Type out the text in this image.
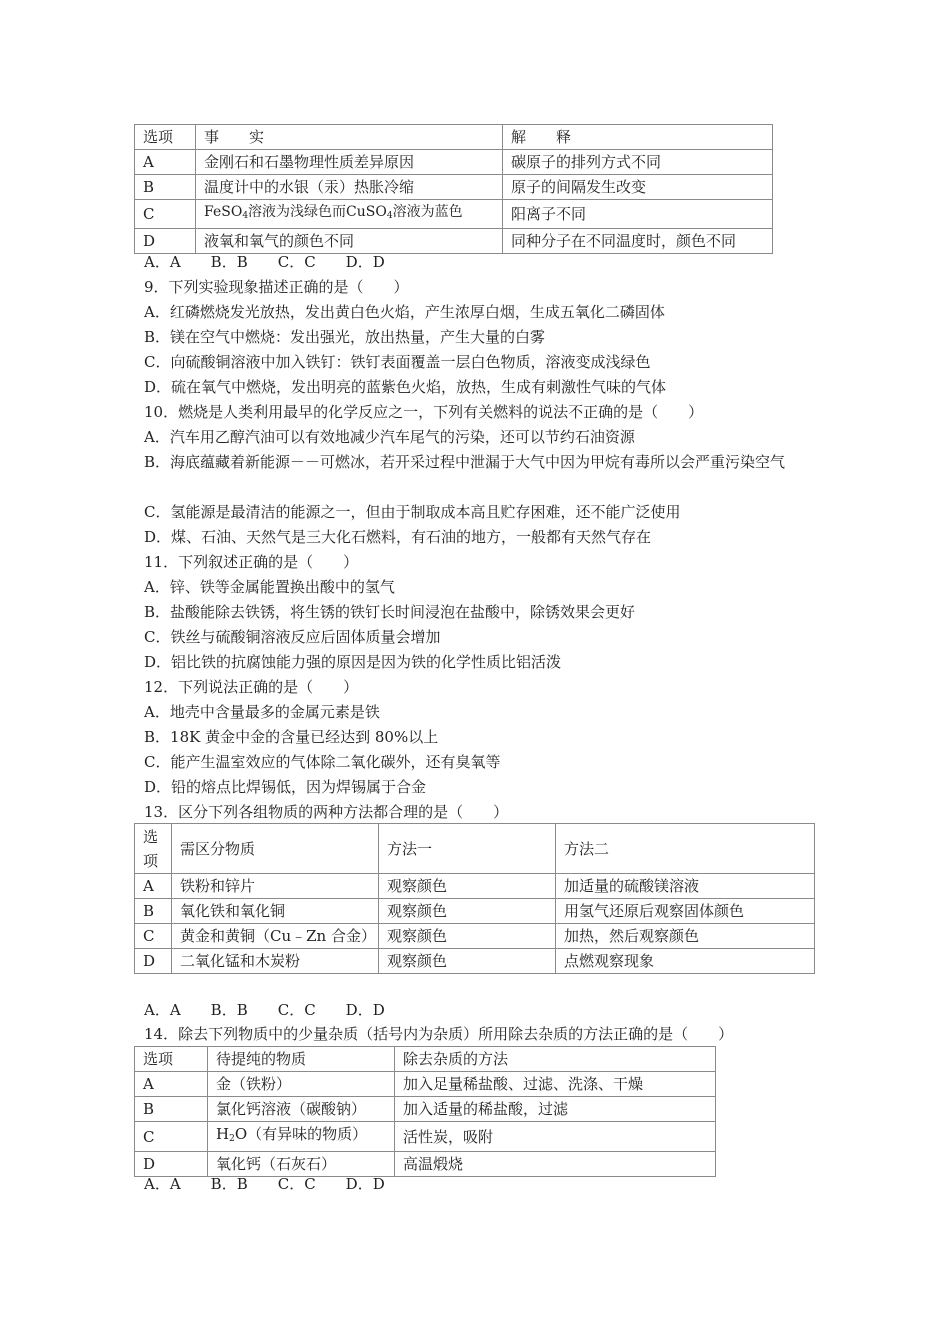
选项	事　　实	解　　释
A	金刚石和石墨物理性质差异原因	碳原子的排列方式不同
B	温度计中的水银（汞）热胀冷缩	原子的间隔发生改变
C	FeSO$_4$溶液为浅绿色而CuSO$_4$溶液为蓝色	阳离子不同
D	液氧和氧气的颜色不同	同种分子在不同温度时，颜色不同
A．A　　B．B　　C．C　　D．D
9．下列实验现象描述正确的是（　　）
A．红磷燃烧发光放热，发出黄白色火焰，产生浓厚白烟，生成五氧化二磷固体
B．镁在空气中燃烧：发出强光，放出热量，产生大量的白雾
C．向硫酸铜溶液中加入铁钉：铁钉表面覆盖一层白色物质，溶液变成浅绿色
D．硫在氧气中燃烧，发出明亮的蓝紫色火焰，放热，生成有刺激性气味的气体
10．燃烧是人类利用最早的化学反应之一，下列有关燃料的说法不正确的是（　　）
A．汽车用乙醇汽油可以有效地减少汽车尾气的污染，还可以节约石油资源
B．海底蕴藏着新能源－－可燃冰，若开采过程中泄漏于大气中因为甲烷有毒所以会严重污染空气
C．氢能源是最清洁的能源之一，但由于制取成本高且贮存困难，还不能广泛使用
D．煤、石油、天然气是三大化石燃料，有石油的地方，一般都有天然气存在
11．下列叙述正确的是（　　）
A．锌、铁等金属能置换出酸中的氢气
B．盐酸能除去铁锈，将生锈的铁钉长时间浸泡在盐酸中，除锈效果会更好
C．铁丝与硫酸铜溶液反应后固体质量会增加
D．铝比铁的抗腐蚀能力强的原因是因为铁的化学性质比铝活泼
12．下列说法正确的是（　　）
A．地壳中含量最多的金属元素是铁
B．18K 黄金中金的含量已经达到 80%以上
C．能产生温室效应的气体除二氧化碳外，还有臭氧等
D．铅的熔点比焊锡低，因为焊锡属于合金
13．区分下列各组物质的两种方法都合理的是（　　）
选项	需区分物质	方法一	方法二
A	铁粉和锌片	观察颜色	加适量的硫酸镁溶液
B	氧化铁和氧化铜	观察颜色	用氢气还原后观察固体颜色
C	黄金和黄铜（Cu﹣Zn 合金）	观察颜色	加热，然后观察颜色
D	二氧化锰和木炭粉	观察颜色	点燃观察现象
A．A　　B．B　　C．C　　D．D
14．除去下列物质中的少量杂质（括号内为杂质）所用除去杂质的方法正确的是（　　）
选项	待提纯的物质	除去杂质的方法
A	金（铁粉）	加入足量稀盐酸、过滤、洗涤、干燥
B	氯化钙溶液（碳酸钠）	加入适量的稀盐酸，过滤
C	$H_2O$（有异味的物质）	活性炭，吸附
D	氧化钙（石灰石）	高温煅烧
A．A　　B．B　　C．C　　D．D
